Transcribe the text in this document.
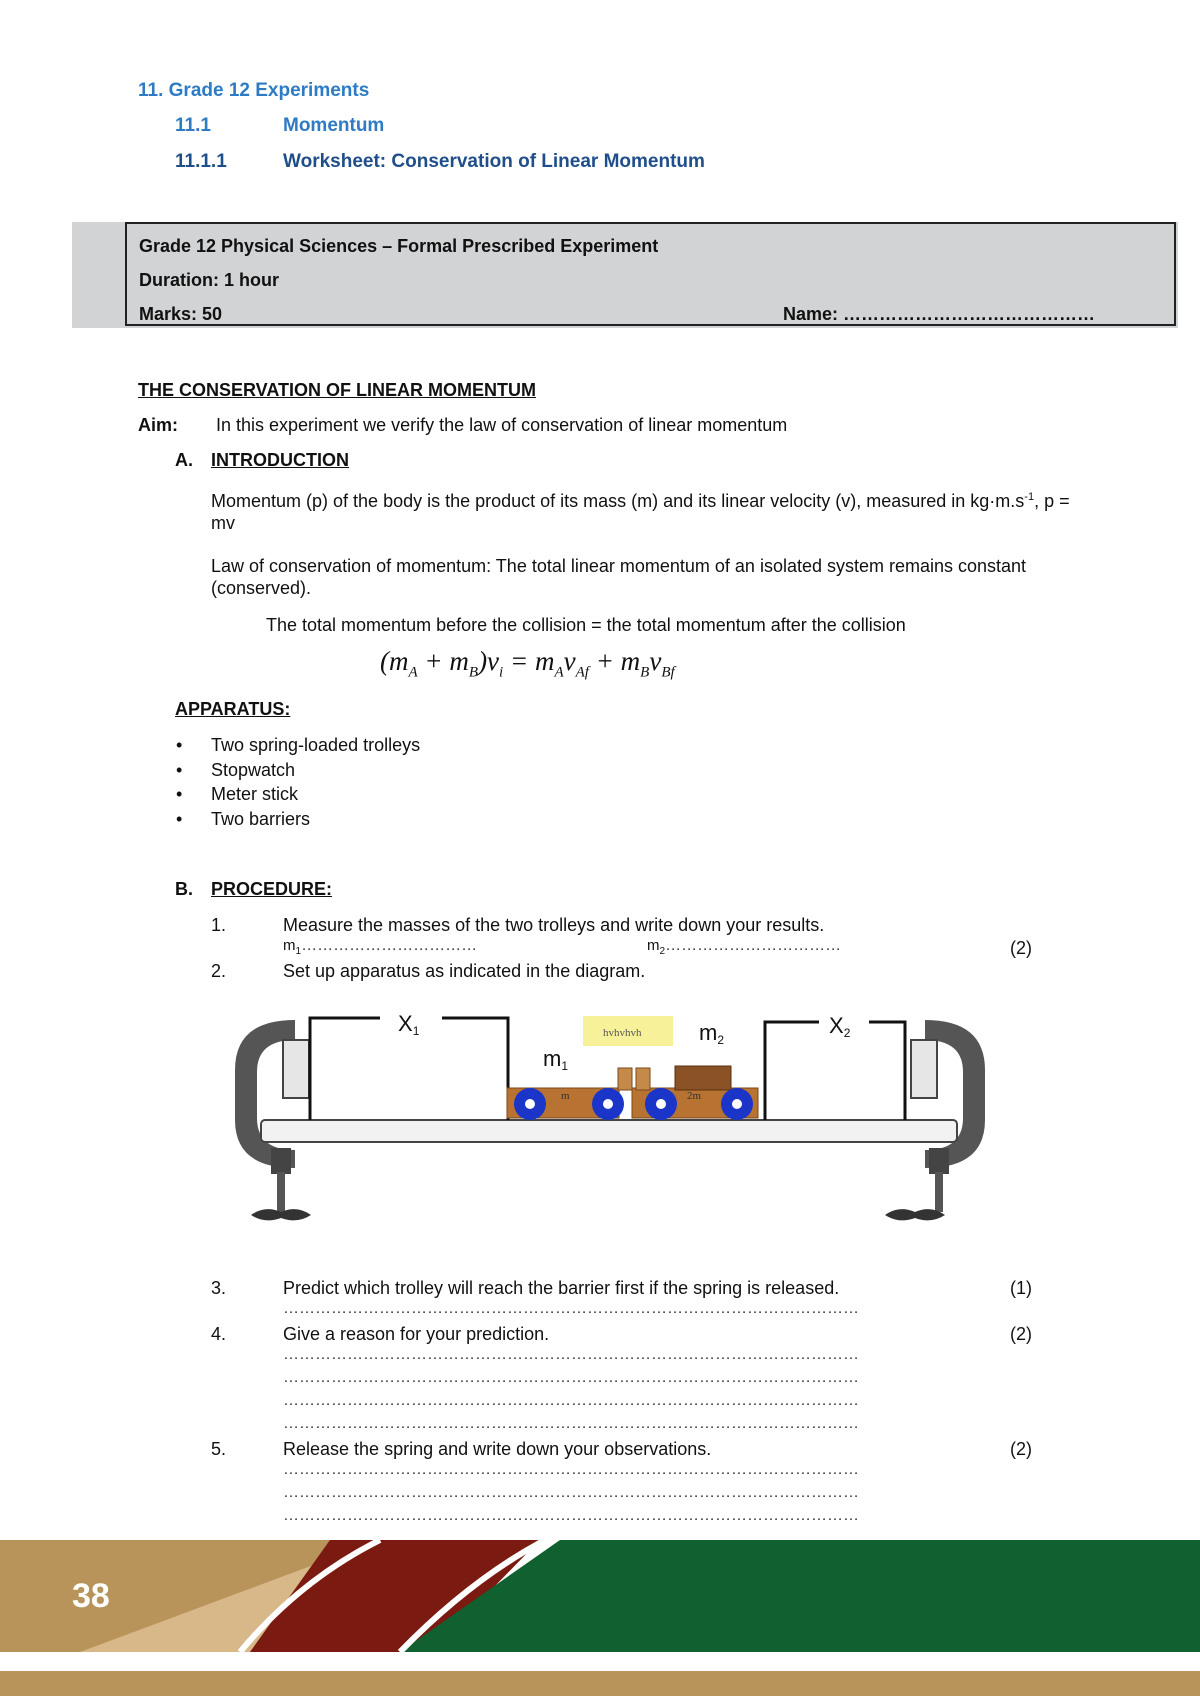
11. Grade 12 Experiments
11.1	Momentum
11.1.1	Worksheet: Conservation of Linear Momentum
Grade 12 Physical Sciences – Formal Prescribed Experiment
Duration: 1 hour
Marks: 50	Name: ……………………………………
THE CONSERVATION OF LINEAR MOMENTUM
Aim: In this experiment we verify the law of conservation of linear momentum
A. INTRODUCTION
Momentum (p) of the body is the product of its mass (m) and its linear velocity (v), measured in $kg\cdot m.s^{-1}$, p = mv
Law of conservation of momentum: The total linear momentum of an isolated system remains constant (conserved).
The total momentum before the collision = the total momentum after the collision
$(m_A + m_B)v_i = m_Av_{Af} + m_Bv_{Bf}$
APPARATUS:
• Two spring-loaded trolleys
• Stopwatch
• Meter stick
• Two barriers
B. PROCEDURE:
1.	Measure the masses of the two trolleys and write down your results.
$m_1\dots\dots\dots\dots\dots\dots\dots\dots\dots\dots\dots$	$m_2\dots\dots\dots\dots\dots\dots\dots\dots\dots\dots\dots$	(2)
2.	Set up apparatus as indicated in the diagram.
X1	X2
m1
m2
hvhvhvh
m	2m
3.	Predict which trolley will reach the barrier first if the spring is released.	(1)
………………………………………………………………………………………………
4.	Give a reason for your prediction.	(2)
………………………………………………………………………………………………
………………………………………………………………………………………………
………………………………………………………………………………………………
………………………………………………………………………………………………
5.	Release the spring and write down your observations.	(2)
………………………………………………………………………………………………
………………………………………………………………………………………………
………………………………………………………………………………………………
38
